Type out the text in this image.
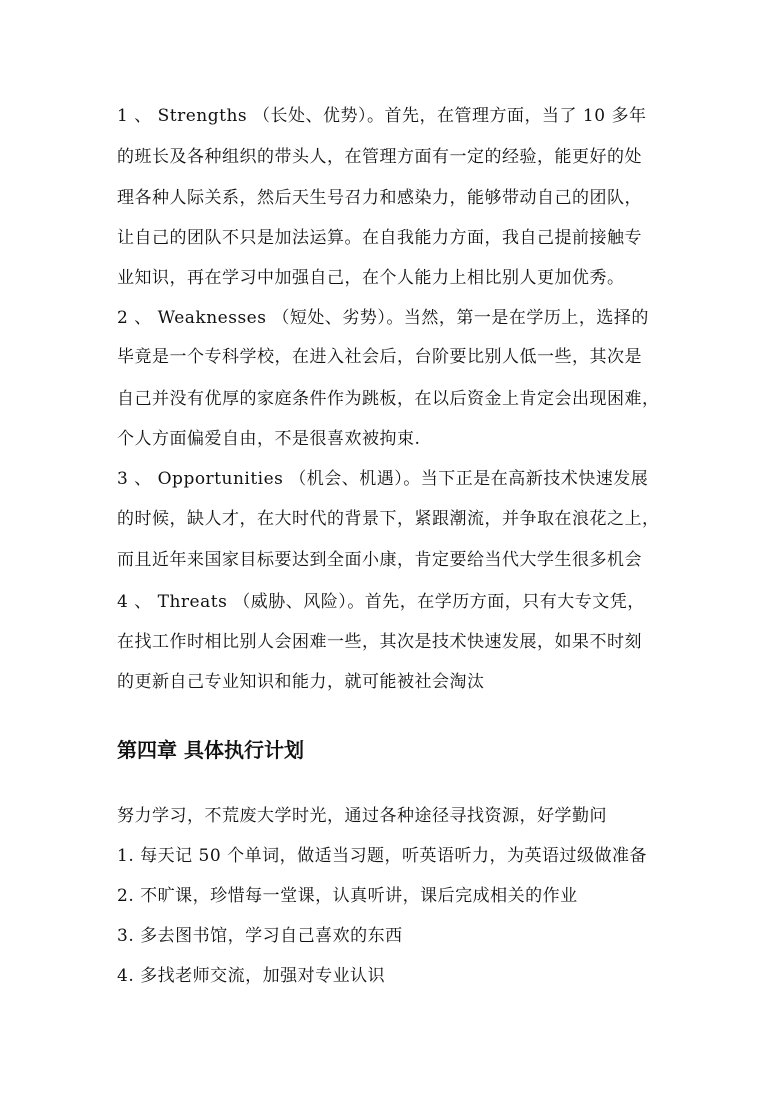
1 、 Strengths （长处、优势）。首先，在管理方面，当了 10 多年
的班长及各种组织的带头人，在管理方面有一定的经验，能更好的处
理各种人际关系，然后天生号召力和感染力，能够带动自己的团队，
让自己的团队不只是加法运算。在自我能力方面，我自己提前接触专
业知识，再在学习中加强自己，在个人能力上相比别人更加优秀。
2 、 Weaknesses （短处、劣势）。当然，第一是在学历上，选择的
毕竟是一个专科学校，在进入社会后，台阶要比别人低一些，其次是
自己并没有优厚的家庭条件作为跳板，在以后资金上肯定会出现困难，
个人方面偏爱自由，不是很喜欢被拘束.
3 、 Opportunities （机会、机遇）。当下正是在高新技术快速发展
的时候，缺人才，在大时代的背景下，紧跟潮流，并争取在浪花之上，
而且近年来国家目标要达到全面小康，肯定要给当代大学生很多机会
4 、 Threats （威胁、风险）。首先，在学历方面，只有大专文凭，
在找工作时相比别人会困难一些，其次是技术快速发展，如果不时刻
的更新自己专业知识和能力，就可能被社会淘汰
第四章 具体执行计划
努力学习，不荒废大学时光，通过各种途径寻找资源，好学勤问
1. 每天记 50 个单词，做适当习题，听英语听力，为英语过级做准备
2. 不旷课，珍惜每一堂课，认真听讲，课后完成相关的作业
3. 多去图书馆，学习自己喜欢的东西
4. 多找老师交流，加强对专业认识
